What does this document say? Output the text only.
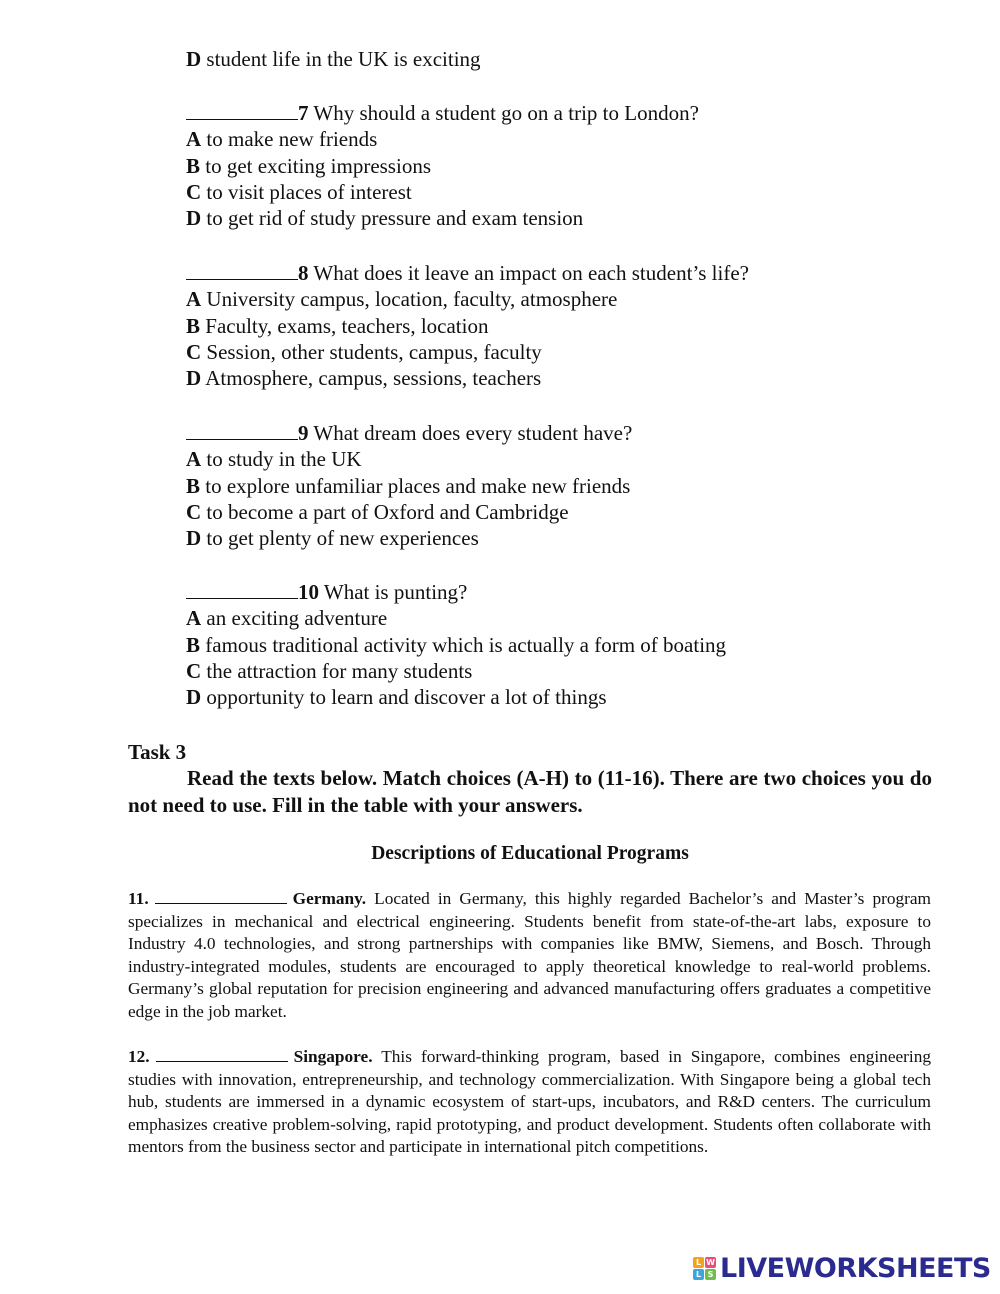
D student life in the UK is exciting
7 Why should a student go on a trip to London?
A to make new friends
B to get exciting impressions
C to visit places of interest
D to get rid of study pressure and exam tension
8 What does it leave an impact on each student’s life?
A University campus, location, faculty, atmosphere
B Faculty, exams, teachers, location
C Session, other students, campus, faculty
D Atmosphere, campus, sessions, teachers
9 What dream does every student have?
A to study in the UK
B to explore unfamiliar places and make new friends
C to become a part of Oxford and Cambridge
D to get plenty of new experiences
10 What is punting?
A an exciting adventure
B famous traditional activity which is actually a form of boating
C the attraction for many students
D opportunity to learn and discover a lot of things
Task 3
Read the texts below. Match choices (A-H) to (11-16). There are two choices you do not need to use. Fill in the table with your answers.
Descriptions of Educational Programs
11.	Germany. Located in Germany, this highly regarded Bachelor’s and Master’s program specializes in mechanical and electrical engineering. Students benefit from state-of-the-art labs, exposure to Industry 4.0 technologies, and strong partnerships with companies like BMW, Siemens, and Bosch. Through industry-integrated modules, students are encouraged to apply theoretical knowledge to real-world problems. Germany’s global reputation for precision engineering and advanced manufacturing offers graduates a competitive edge in the job market.
12.	Singapore. This forward-thinking program, based in Singapore, combines engineering studies with innovation, entrepreneurship, and technology commercialization. With Singapore being a global tech hub, students are immersed in a dynamic ecosystem of start-ups, incubators, and R&D centers. The curriculum emphasizes creative problem-solving, rapid prototyping, and product development. Students often collaborate with mentors from the business sector and participate in international pitch competitions.
L W
L S LIVEWORKSHEETS
